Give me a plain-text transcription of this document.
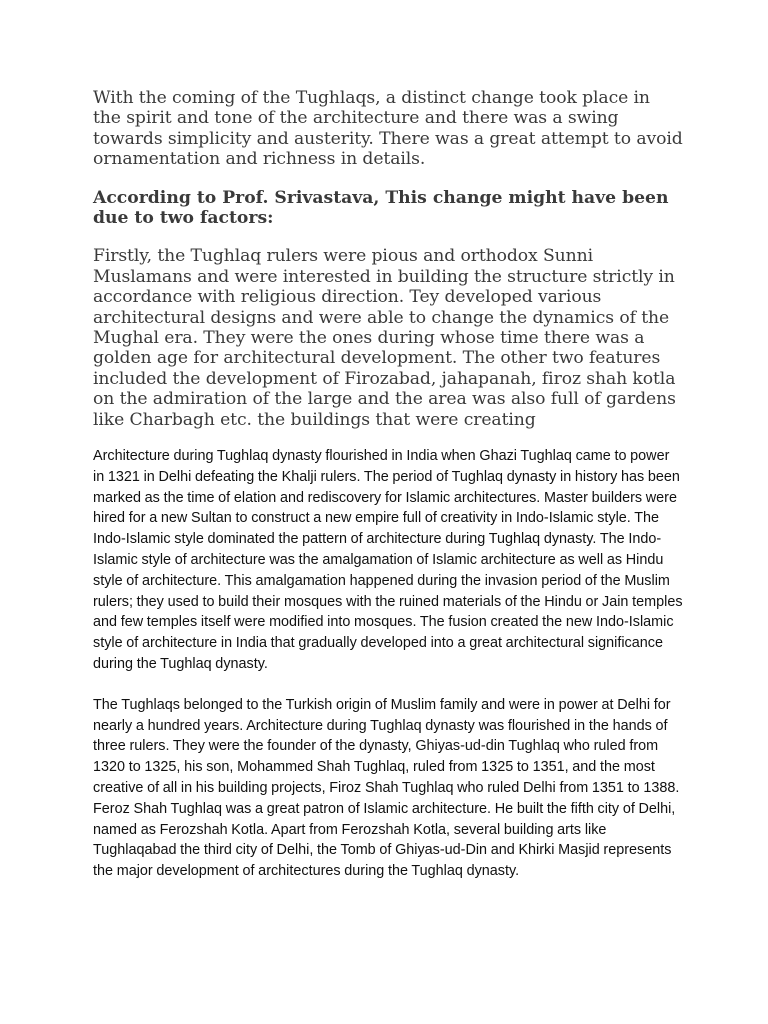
With the coming of the Tughlaqs, a distinct change took place in the spirit and tone of the architecture and there was a swing towards simplicity and austerity. There was a great attempt to avoid ornamentation and richness in details.

According to Prof. Srivastava, This change might have been due to two factors:

Firstly, the Tughlaq rulers were pious and orthodox Sunni Muslamans and were interested in building the structure strictly in accordance with religious direction. Tey developed various architectural designs and were able to change the dynamics of the Mughal era. They were the ones during whose time there was a golden age for architectural development. The other two features included the development of Firozabad, jahapanah, firoz shah kotla on the admiration of the large and the area was also full of gardens like Charbagh etc. the buildings that were creating

Architecture during Tughlaq dynasty flourished in India when Ghazi Tughlaq came to power in 1321 in Delhi defeating the Khalji rulers. The period of Tughlaq dynasty in history has been marked as the time of elation and rediscovery for Islamic architectures. Master builders were hired for a new Sultan to construct a new empire full of creativity in Indo-Islamic style. The Indo-Islamic style dominated the pattern of architecture during Tughlaq dynasty. The Indo-Islamic style of architecture was the amalgamation of Islamic architecture as well as Hindu style of architecture. This amalgamation happened during the invasion period of the Muslim rulers; they used to build their mosques with the ruined materials of the Hindu or Jain temples and few temples itself were modified into mosques. The fusion created the new Indo-Islamic style of architecture in India that gradually developed into a great architectural significance during the Tughlaq dynasty.

The Tughlaqs belonged to the Turkish origin of Muslim family and were in power at Delhi for nearly a hundred years. Architecture during Tughlaq dynasty was flourished in the hands of three rulers. They were the founder of the dynasty, Ghiyas-ud-din Tughlaq who ruled from 1320 to 1325, his son, Mohammed Shah Tughlaq, ruled from 1325 to 1351, and the most creative of all in his building projects, Firoz Shah Tughlaq who ruled Delhi from 1351 to 1388. Feroz Shah Tughlaq was a great patron of Islamic architecture. He built the fifth city of Delhi, named as Ferozshah Kotla. Apart from Ferozshah Kotla, several building arts like Tughlaqabad the third city of Delhi, the Tomb of Ghiyas-ud-Din and Khirki Masjid represents the major development of architectures during the Tughlaq dynasty.
